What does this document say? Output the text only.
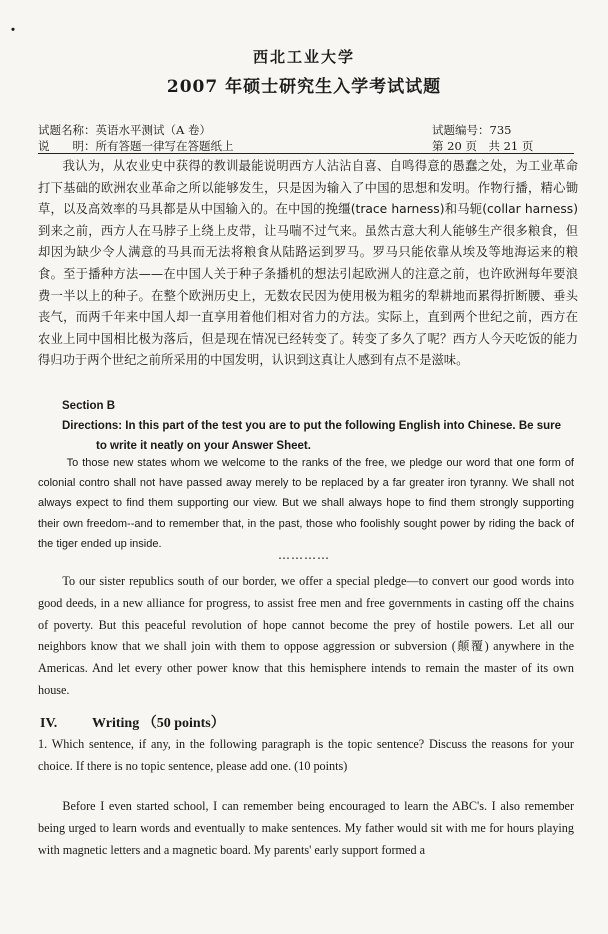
・
西北工业大学
2007 年硕士研究生入学考试试题
试题名称：英语水平测试（A 卷）	试题编号：735
说　　明：所有答题一律写在答题纸上	第 20 页　共 21 页

我认为，从农业史中获得的教训最能说明西方人沾沾自喜、自鸣得意的愚蠢之处，为工业革命打下基础的欧洲农业革命之所以能够发生，只是因为输入了中国的思想和发明。作物行播，精心锄草，以及高效率的马具都是从中国输入的。在中国的挽缰(trace harness)和马轭(collar harness)到来之前，西方人在马脖子上绕上皮带，让马喘不过气来。虽然古意大利人能够生产很多粮食，但却因为缺少令人满意的马具而无法将粮食从陆路运到罗马。罗马只能依靠从埃及等地海运来的粮食。至于播种方法——在中国人关于种子条播机的想法引起欧洲人的注意之前，也许欧洲每年要浪费一半以上的种子。在整个欧洲历史上，无数农民因为使用极为粗劣的犁耕地而累得折断腰、垂头丧气，而两千年来中国人却一直享用着他们相对省力的方法。实际上，直到两个世纪之前，西方在农业上同中国相比极为落后，但是现在情况已经转变了。转变了多久了呢？西方人今天吃饭的能力得归功于两个世纪之前所采用的中国发明，认识到这真让人感到有点不是滋味。

Section B
Directions: In this part of the test you are to put the following English into Chinese. Be sure
to write it neatly on your Answer Sheet.

To those new states whom we welcome to the ranks of the free, we pledge our word that one form of colonial contro shall not have passed away merely to be replaced by a far greater iron tyranny. We shall not always expect to find them supporting our view. But we shall always hope to find them strongly supporting their own freedom--and to remember that, in the past, those who foolishly sought power by riding the back of the tiger ended up inside.

…………

To our sister republics south of our border, we offer a special pledge—to convert our good words into good deeds, in a new alliance for progress, to assist free men and free governments in casting off the chains of poverty. But this peaceful revolution of hope cannot become the prey of hostile powers. Let all our neighbors know that we shall join with them to oppose aggression or subversion (颠覆) anywhere in the Americas. And let every other power know that this hemisphere intends to remain the master of its own house.

IV. Writing （50 points）

1. Which sentence, if any, in the following paragraph is the topic sentence? Discuss the reasons for your choice. If there is no topic sentence, please add one. (10 points)

Before I even started school, I can remember being encouraged to learn the ABC's. I also remember being urged to learn words and eventually to make sentences. My father would sit with me for hours playing with magnetic letters and a magnetic board. My parents' early support formed a
